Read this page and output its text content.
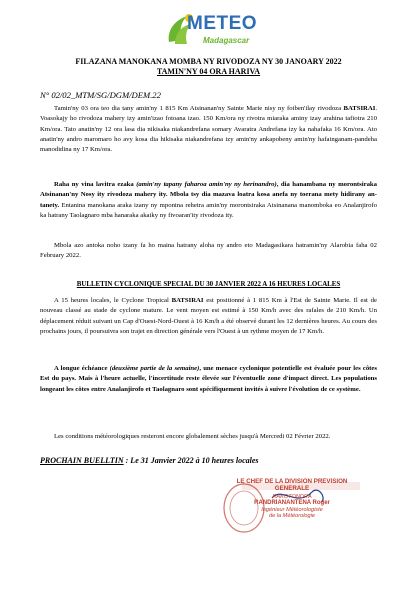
METEO
Madagascar
FILAZANA MANOKANA MOMBA NY RIVODOZA NY 30 JANOARY 2022
TAMIN'NY 04 ORA HARIVA
N° 02/02_MTM/SG/DGM/DEM.22
Tamin'ny 03 ora teo dia tany amin'ny 1 815 Km Atsinanan'ny Sainte Marie nisy ny foiben'ilay rivodoza BATSIRAI. Voasokajy ho rivodoza mahery izy amin'izao fotoana izao. 150 Km/ora ny rivotra miaraka aminy izay arahina tafiotra 210 Km/ora. Tato anatin'ny 12 ora lasa dia nikisaka niakandrefana somary Avaratra Andrefana izy ka nahafaka 16 Km/ora. Ato anatin'ny andro maromaro ho avy kosa dia hikisaka niakandrefana izy amin'ny ankapobeny amin'ny hafainganam-pandeha manodidina ny 17 Km/ora.
Raha ny vina lavitra ezaka (amin'ny tapany faharoa amin'ny ny herinandro), dia hanambana ny morontsiraka Atsinanan'ny Nosy ity rivodoza mahery ity. Mbola tsy dia mazava loatra kosa anefa ny toerana mety hidirany an-tanety. Entanina manokana araka izany ny mponina rehetra amin'ny morontsiraka Atsinanana manomboka eo Analanjirofo ka hatrany Taolagnaro mba hanaraka akaiky ny fivoaran'ity rivodoza ity.
Mbola azo antoka noho izany fa ho maina hatrany aloha ny andro eto Madagasikara hatramin'ny Alarobia faha 02 February 2022.
BULLETIN CYCLONIQUE SPECIAL DU 30 JANVIER 2022 A 16 HEURES LOCALES
A 15 heures locales, le Cyclone Tropical BATSIRAI est positionné à 1 815 Km à l'Est de Sainte Marie. Il est de nouveau classé au stade de cyclone mature. Le vent moyen est estimé à 150 Km/h avec des rafales de 210 Km/h. Un déplacement réduit suivant un Cap d'Ouest-Nord-Ouest à 16 Km/h a été observé durant les 12 dernières heures. Au cours des prochains jours, il poursuivra son trajet en direction générale vers l'Ouest à un rythme moyen de 17 Km/h.
A longue échéance (deuxième partie de la semaine), une menace cyclonique potentielle est évaluée pour les côtes Est du pays. Mais à l'heure actuelle, l'incertitude reste élevée sur l'éventuelle zone d'impact direct. Les populations longeant les côtes entre Analanjirofo et Taolagnaro sont spécifiquement invités à suivre l'évolution de ce système.
Les conditions météorologiques resteront encore globalement sèches jusqu'à Mercredi 02 Février 2022.
PROCHAIN BUELLTIN : Le 31 Janvier 2022 à 10 heures locales
LE CHEF DE LA DIVISION PREVISION GENERALE
RAKOTONDRA
RANDRIANANTENA Roger
Ingénieur Météorologiste
de la Météorologie
